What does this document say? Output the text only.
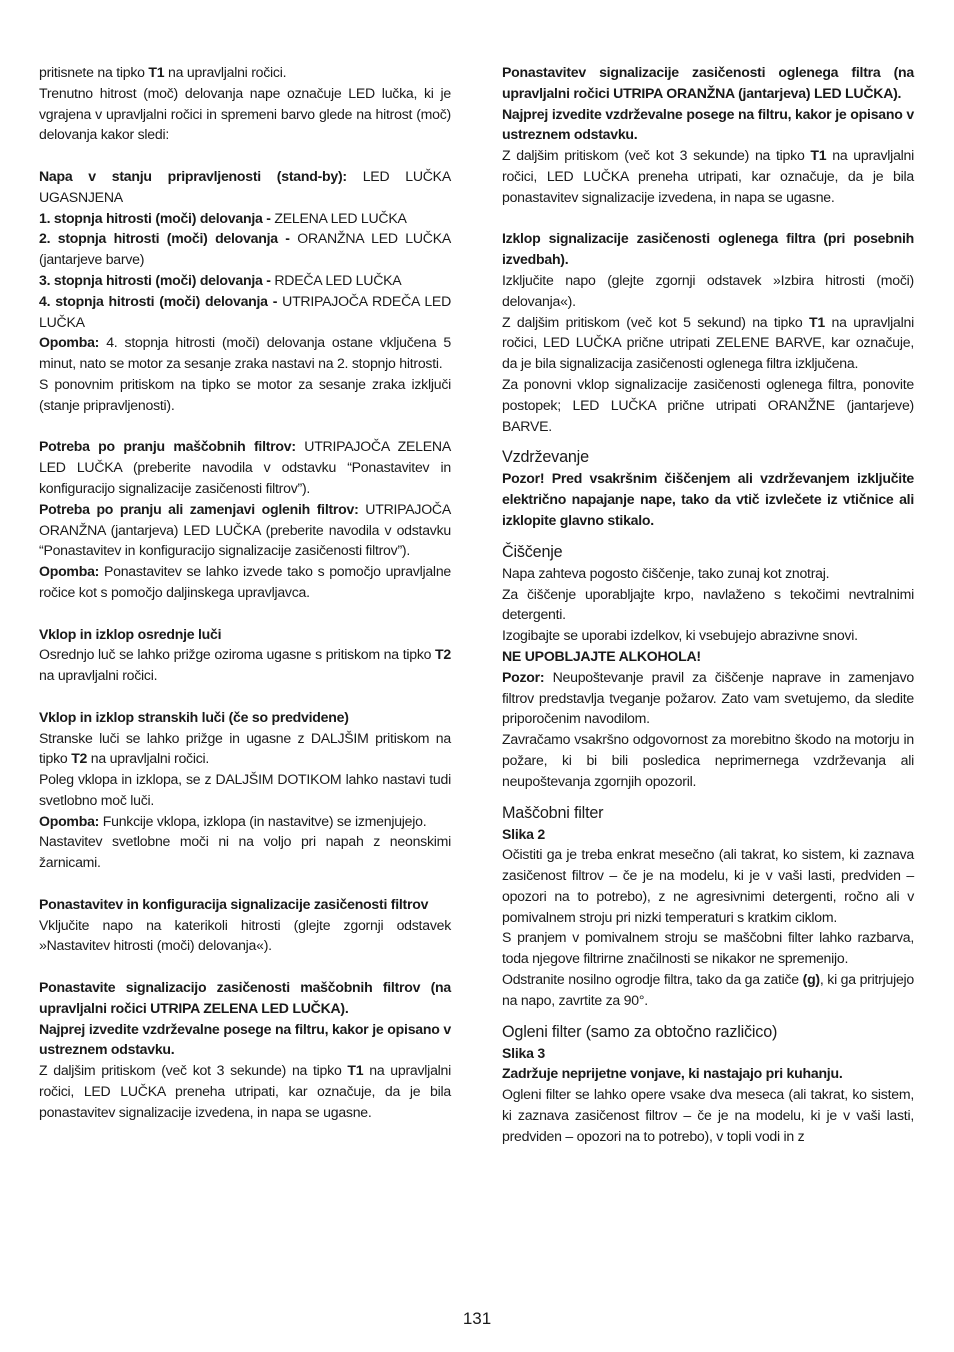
pritisnete na tipko T1 na upravljalni ročici.

Trenutno hitrost (moč) delovanja nape označuje LED lučka, ki je vgrajena v upravljalni ročici in spremeni barvo glede na hitrost (moč) delovanja kakor sledi:

Napa v stanju pripravljenosti (stand-by): LED LUČKA UGASNJENA

1. stopnja hitrosti (moči) delovanja - ZELENA LED LUČKA

2. stopnja hitrosti (moči) delovanja - ORANŽNA LED LUČKA (jantarjeve barve)

3. stopnja hitrosti (moči) delovanja - RDEČA LED LUČKA

4. stopnja hitrosti (moči) delovanja - UTRIPAJOČA RDEČA LED LUČKA

Opomba: 4. stopnja hitrosti (moči) delovanja ostane vključena 5 minut, nato se motor za sesanje zraka nastavi na 2. stopnjo hitrosti.

S ponovnim pritiskom na tipko se motor za sesanje zraka izključi (stanje pripravljenosti).

Potreba po pranju maščobnih filtrov: UTRIPAJOČA ZELENA LED LUČKA (preberite navodila v odstavku “Ponastavitev in konfiguracijo signalizacije zasičenosti filtrov”).

Potreba po pranju ali zamenjavi oglenih filtrov: UTRIPAJOČA ORANŽNA (jantarjeva) LED LUČKA (preberite navodila v odstavku “Ponastavitev in konfiguracijo signalizacije zasičenosti filtrov”).

Opomba: Ponastavitev se lahko izvede tako s pomočjo upravljalne ročice kot s pomočjo daljinskega upravljavca.

Vklop in izklop osrednje luči

Osrednjo luč se lahko prižge oziroma ugasne s pritiskom na tipko T2 na upravljalni ročici.

Vklop in izklop stranskih luči (če so predvidene)

Stranske luči se lahko prižge in ugasne z DALJŠIM pritiskom na tipko T2 na upravljalni ročici.

Poleg vklopa in izklopa, se z DALJŠIM DOTIKOM lahko nastavi tudi svetlobno moč luči.

Opomba: Funkcije vklopa, izklopa (in nastavitve) se izmenjujejo.

Nastavitev svetlobne moči ni na voljo pri napah z neonskimi žarnicami.

Ponastavitev in konfiguracija signalizacije zasičenosti filtrov

Vključite napo na katerikoli hitrosti (glejte zgornji odstavek »Nastavitev hitrosti (moči) delovanja«).

Ponastavite signalizacijo zasičenosti maščobnih filtrov (na upravljalni ročici UTRIPA ZELENA LED LUČKA).

Najprej izvedite vzdrževalne posege na filtru, kakor je opisano v ustreznem odstavku.

Z daljšim pritiskom (več kot 3 sekunde) na tipko T1 na upravljalni ročici, LED LUČKA preneha utripati, kar označuje, da je bila ponastavitev signalizacije izvedena, in napa se ugasne.

Ponastavitev signalizacije zasičenosti oglenega filtra (na upravljalni ročici UTRIPA ORANŽNA (jantarjeva) LED LUČKA).

Najprej izvedite vzdrževalne posege na filtru, kakor je opisano v ustreznem odstavku.

Z daljšim pritiskom (več kot 3 sekunde) na tipko T1 na upravljalni ročici, LED LUČKA preneha utripati, kar označuje, da je bila ponastavitev signalizacije izvedena, in napa se ugasne.

Izklop signalizacije zasičenosti oglenega filtra (pri posebnih izvedbah).

Izključite napo (glejte zgornji odstavek »Izbira hitrosti (moči) delovanja«).

Z daljšim pritiskom (več kot 5 sekund) na tipko T1 na upravljalni ročici, LED LUČKA prične utripati ZELENE BARVE, kar označuje, da je bila signalizacija zasičenosti oglenega filtra izključena.

Za ponovni vklop signalizacije zasičenosti oglenega filtra, ponovite postopek; LED LUČKA prične utripati ORANŽNE (jantarjeve) BARVE.

Vzdrževanje

Pozor! Pred vsakršnim čiščenjem ali vzdrževanjem izključite električno napajanje nape, tako da vtič izvlečete iz vtičnice ali izklopite glavno stikalo.

Čiščenje

Napa zahteva pogosto čiščenje, tako zunaj kot znotraj.

Za čiščenje uporabljajte krpo, navlaženo s tekočimi nevtralnimi detergenti.

Izogibajte se uporabi izdelkov, ki vsebujejo abrazivne snovi.

NE UPOBLJAJTE ALKOHOLA!

Pozor: Neupoštevanje pravil za čiščenje naprave in zamenjavo filtrov predstavlja tveganje požarov. Zato vam svetujemo, da sledite priporočenim navodilom.

Zavračamo vsakršno odgovornost za morebitno škodo na motorju in požare, ki bi bili posledica neprimernega vzdrževanja ali neupoštevanja zgornjih opozoril.

Maščobni filter

Slika 2

Očistiti ga je treba enkrat mesečno (ali takrat, ko sistem, ki zaznava zasičenost filtrov – če je na modelu, ki je v vaši lasti, predviden – opozori na to potrebo), z ne agresivnimi detergenti, ročno ali v pomivalnem stroju pri nizki temperaturi s kratkim ciklom.

S pranjem v pomivalnem stroju se maščobni filter lahko razbarva, toda njegove filtrirne značilnosti se nikakor ne spremenijo.

Odstranite nosilno ogrodje filtra, tako da ga zatiče (g), ki ga pritrjujejo na napo, zavrtite za 90°.

Ogleni filter (samo za obtočno različico)

Slika 3

Zadržuje neprijetne vonjave, ki nastajajo pri kuhanju.

Ogleni filter se lahko opere vsake dva meseca (ali takrat, ko sistem, ki zaznava zasičenost filtrov – če je na modelu, ki je v vaši lasti, predviden – opozori na to potrebo), v topli vodi in z

131
